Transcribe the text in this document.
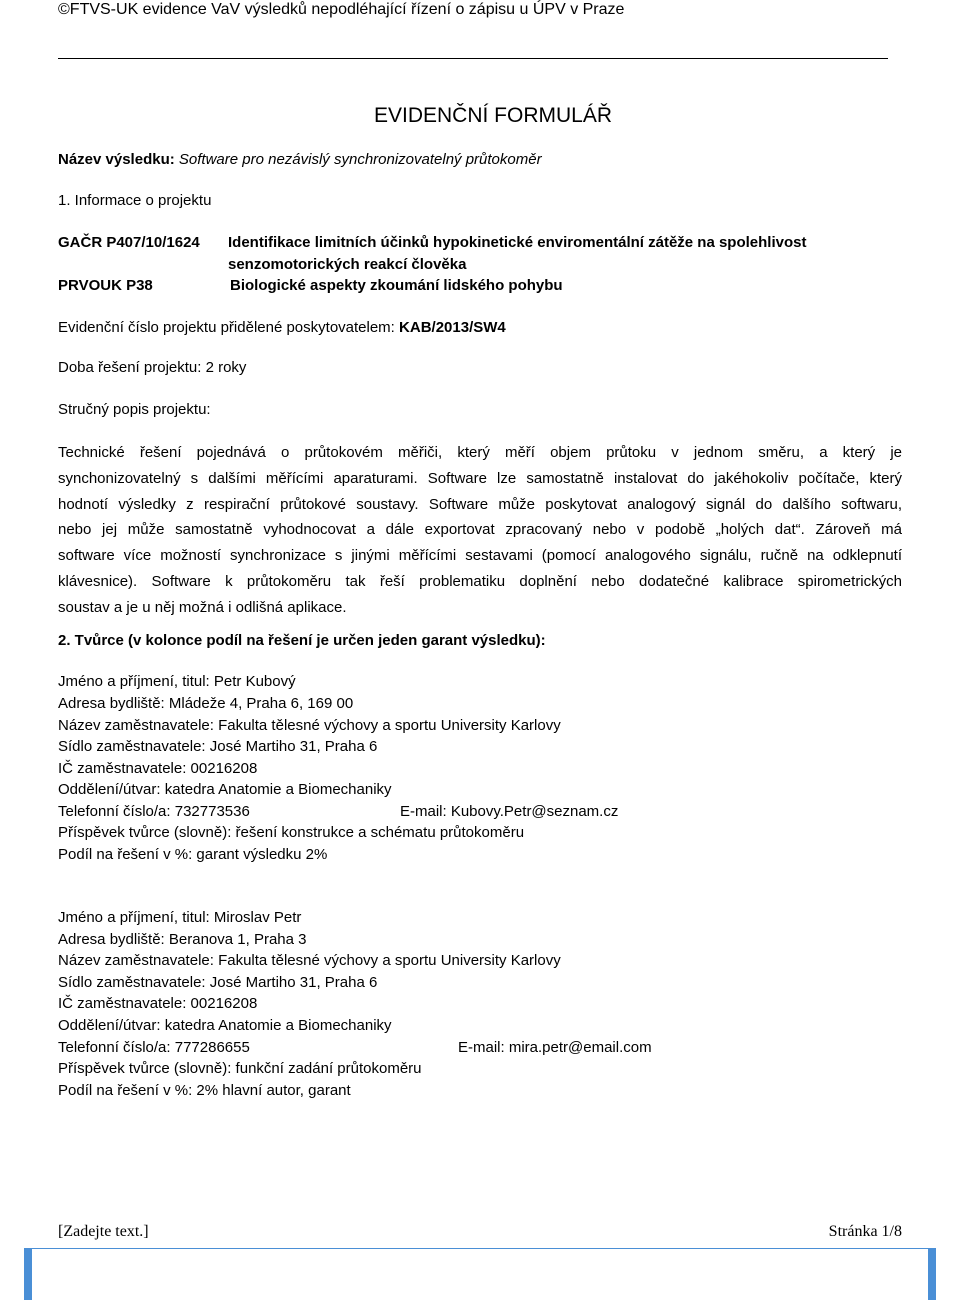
©FTVS-UK evidence VaV výsledků nepodléhající řízení o zápisu u ÚPV v Praze
EVIDENČNÍ FORMULÁŘ
Název výsledku: Software pro nezávislý synchronizovatelný průtokoměr
1. Informace o projektu
GAČR P407/10/1624 Identifikace limitních účinků hypokinetické enviromentální zátěže na spolehlivost
senzomotorických reakcí člověka
PRVOUK P38	Biologické aspekty zkoumání lidského pohybu
Evidenční číslo projektu přidělené poskytovatelem: KAB/2013/SW4
Doba řešení projektu: 2 roky
Stručný popis projektu:
Technické řešení pojednává o průtokovém měřiči, který měří objem průtoku v jednom směru, a který je
synchonizovatelný s dalšími měřícími aparaturami. Software lze samostatně instalovat do jakéhokoliv počítače, který
hodnotí výsledky z respirační průtokové soustavy. Software může poskytovat analogový signál do dalšího softwaru,
nebo jej může samostatně vyhodnocovat a dále exportovat zpracovaný nebo v podobě „holých dat“. Zároveň má
software více možností synchronizace s jinými měřícími sestavami (pomocí analogového signálu, ručně na odklepnutí
klávesnice). Software k průtokoměru tak řeší problematiku doplnění nebo dodatečné kalibrace spirometrických
soustav a je u něj možná i odlišná aplikace.
2. Tvůrce (v kolonce podíl na řešení je určen jeden garant výsledku):
Jméno a příjmení, titul: Petr Kubový
Adresa bydliště: Mládeže 4, Praha 6, 169 00
Název zaměstnavatele: Fakulta tělesné výchovy a sportu University Karlovy
Sídlo zaměstnavatele: José Martiho 31, Praha 6
IČ zaměstnavatele: 00216208
Oddělení/útvar: katedra Anatomie a Biomechaniky
Telefonní číslo/a: 732773536	E-mail: Kubovy.Petr@seznam.cz
Příspěvek tvůrce (slovně): řešení konstrukce a schématu průtokoměru
Podíl na řešení v %: garant výsledku 2%
Jméno a příjmení, titul: Miroslav Petr
Adresa bydliště: Beranova 1, Praha 3
Název zaměstnavatele: Fakulta tělesné výchovy a sportu University Karlovy
Sídlo zaměstnavatele: José Martiho 31, Praha 6
IČ zaměstnavatele: 00216208
Oddělení/útvar: katedra Anatomie a Biomechaniky
Telefonní číslo/a: 777286655	E-mail: mira.petr@email.com
Příspěvek tvůrce (slovně): funkční zadání průtokoměru
Podíl na řešení v %: 2% hlavní autor, garant
[Zadejte text.]	Stránka 1/8
